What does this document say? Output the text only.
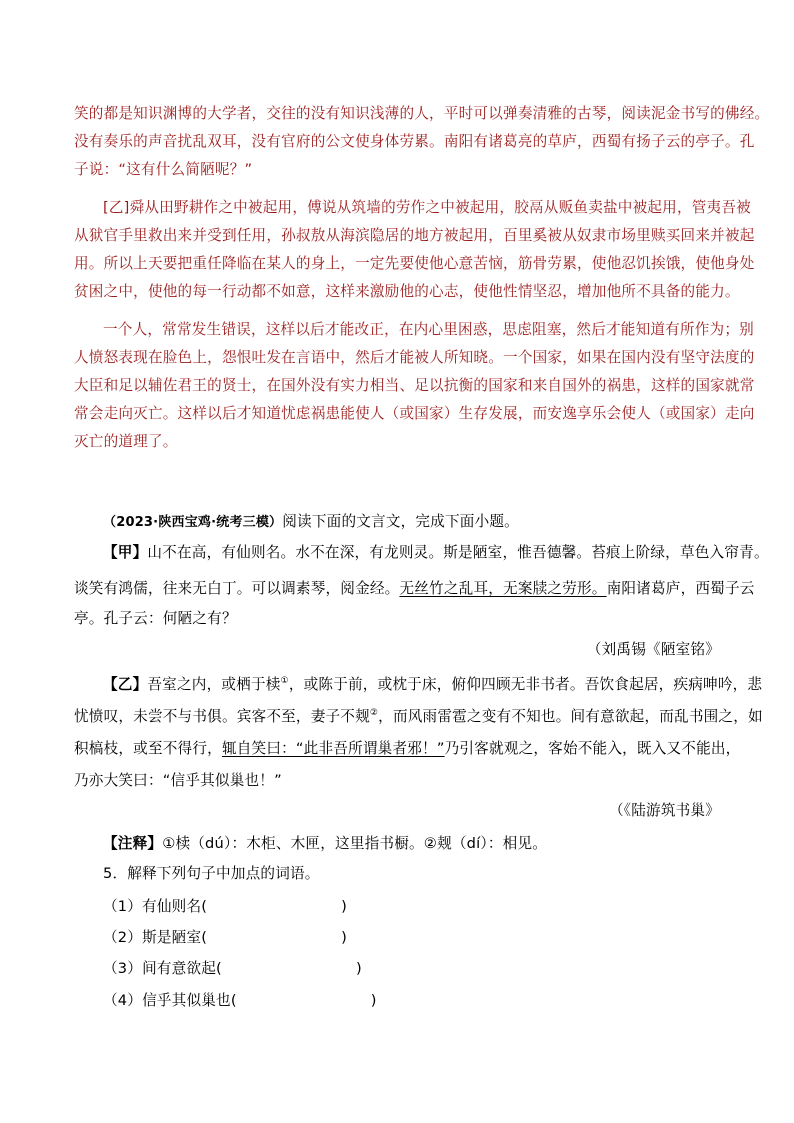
笑的都是知识渊博的大学者，交往的没有知识浅薄的人，平时可以弹奏清雅的古琴，阅读泥金书写的佛经。
没有奏乐的声音扰乱双耳，没有官府的公文使身体劳累。南阳有诸葛亮的草庐，西蜀有扬子云的亭子。孔
子说：“这有什么简陋呢？”
[乙]舜从田野耕作之中被起用，傅说从筑墙的劳作之中被起用，胶鬲从贩鱼卖盐中被起用，管夷吾被
从狱官手里救出来并受到任用，孙叔敖从海滨隐居的地方被起用，百里奚被从奴隶市场里赎买回来并被起
用。所以上天要把重任降临在某人的身上，一定先要使他心意苦恼，筋骨劳累，使他忍饥挨饿，使他身处
贫困之中，使他的每一行动都不如意，这样来激励他的心志，使他性情坚忍，增加他所不具备的能力。
一个人，常常发生错误，这样以后才能改正，在内心里困惑，思虑阻塞，然后才能知道有所作为；别
人愤怒表现在脸色上，怨恨吐发在言语中，然后才能被人所知晓。一个国家，如果在国内没有坚守法度的
大臣和足以辅佐君王的贤士，在国外没有实力相当、足以抗衡的国家和来自国外的祸患，这样的国家就常
常会走向灭亡。这样以后才知道忧虑祸患能使人（或国家）生存发展，而安逸享乐会使人（或国家）走向
灭亡的道理了。
（2023·陕西宝鸡·统考三模）阅读下面的文言文，完成下面小题。
【甲】山不在高，有仙则名。水不在深，有龙则灵。斯是陋室，惟吾德馨。苔痕上阶绿，草色入帘青。
谈笑有鸿儒，往来无白丁。可以调素琴，阅金经。无丝竹之乱耳，无案牍之劳形。南阳诸葛庐，西蜀子云
亭。孔子云：何陋之有？
（刘禹锡《陋室铭》
【乙】吾室之内，或栖于椟①，或陈于前，或枕于床，俯仰四顾无非书者。吾饮食起居，疾病呻吟，悲
忧愤叹，未尝不与书俱。宾客不至，妻子不觌②，而风雨雷雹之变有不知也。间有意欲起，而乱书围之，如
积槁枝，或至不得行，辄自笑曰：“此非吾所谓巢者邪！”乃引客就观之，客始不能入，既入又不能出，
乃亦大笑曰：“信乎其似巢也！”
（《陆游筑书巢》
【注释】①椟（dú）：木柜、木匣，这里指书橱。②觌（dí）：相见。
5．解释下列句子中加点的词语。
（1）有仙则名(	)
（2）斯是陋室(	)
（3）间有意欲起(	)
（4）信乎其似巢也(	)
